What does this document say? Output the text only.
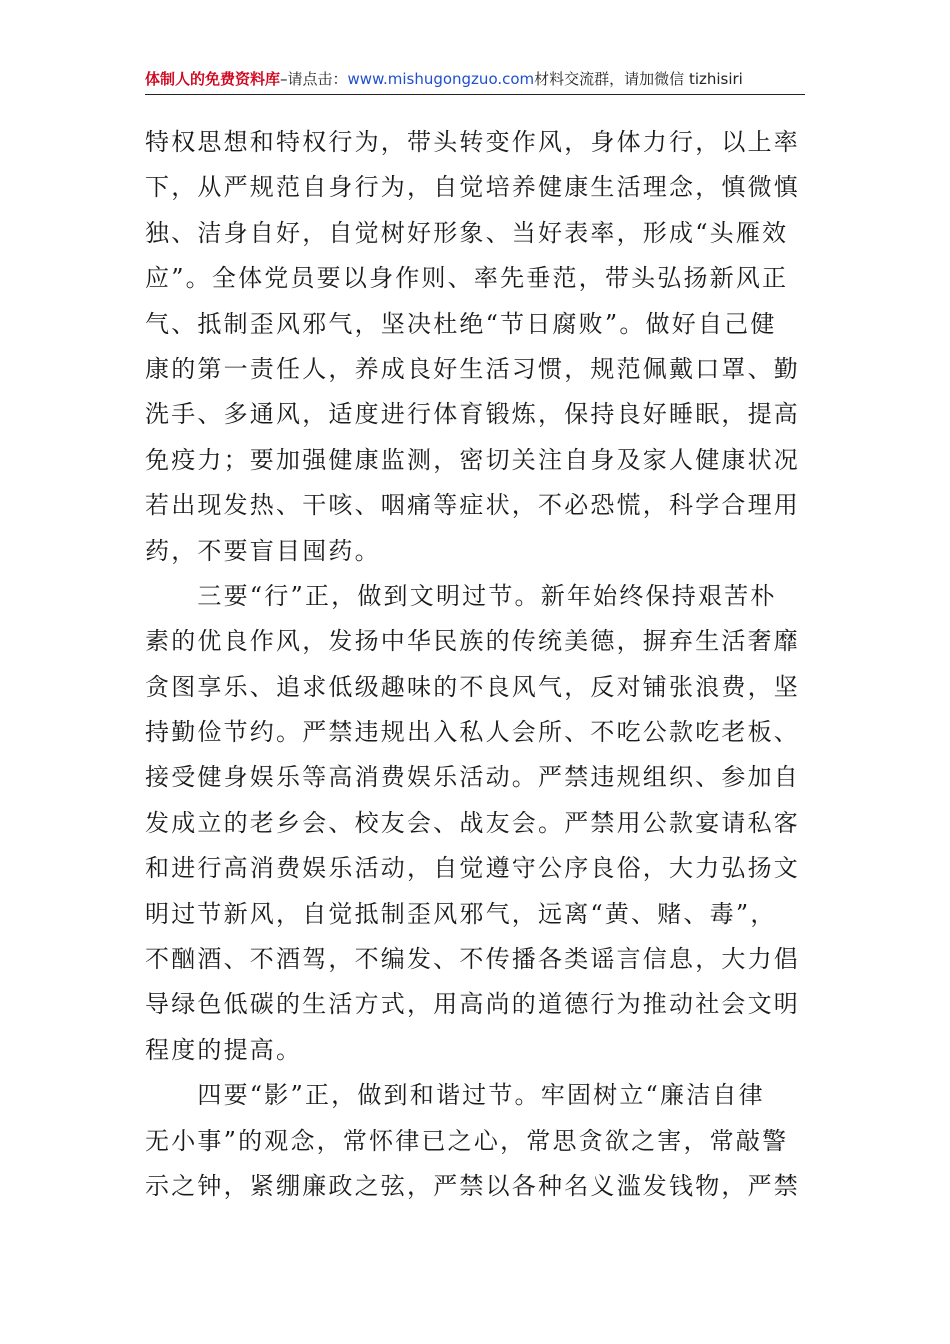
体制人的免费资料库–请点击：www.mishugongzuo.com材料交流群，请加微信 tizhisiri
特权思想和特权行为，带头转变作风，身体力行，以上率
下，从严规范自身行为，自觉培养健康生活理念，慎微慎
独、洁身自好，自觉树好形象、当好表率，形成“头雁效
应”。全体党员要以身作则、率先垂范，带头弘扬新风正
气、抵制歪风邪气，坚决杜绝“节日腐败”。做好自己健
康的第一责任人，养成良好生活习惯，规范佩戴口罩、勤
洗手、多通风，适度进行体育锻炼，保持良好睡眠，提高
免疫力；要加强健康监测，密切关注自身及家人健康状况
若出现发热、干咳、咽痛等症状，不必恐慌，科学合理用
药，不要盲目囤药。
　　三要“行”正，做到文明过节。新年始终保持艰苦朴
素的优良作风，发扬中华民族的传统美德，摒弃生活奢靡
贪图享乐、追求低级趣味的不良风气，反对铺张浪费，坚
持勤俭节约。严禁违规出入私人会所、不吃公款吃老板、
接受健身娱乐等高消费娱乐活动。严禁违规组织、参加自
发成立的老乡会、校友会、战友会。严禁用公款宴请私客
和进行高消费娱乐活动，自觉遵守公序良俗，大力弘扬文
明过节新风，自觉抵制歪风邪气，远离“黄、赌、毒”，
不酗酒、不酒驾，不编发、不传播各类谣言信息，大力倡
导绿色低碳的生活方式，用高尚的道德行为推动社会文明
程度的提高。
　　四要“影”正，做到和谐过节。牢固树立“廉洁自律
无小事”的观念，常怀律已之心，常思贪欲之害，常敲警
示之钟，紧绷廉政之弦，严禁以各种名义滥发钱物，严禁
